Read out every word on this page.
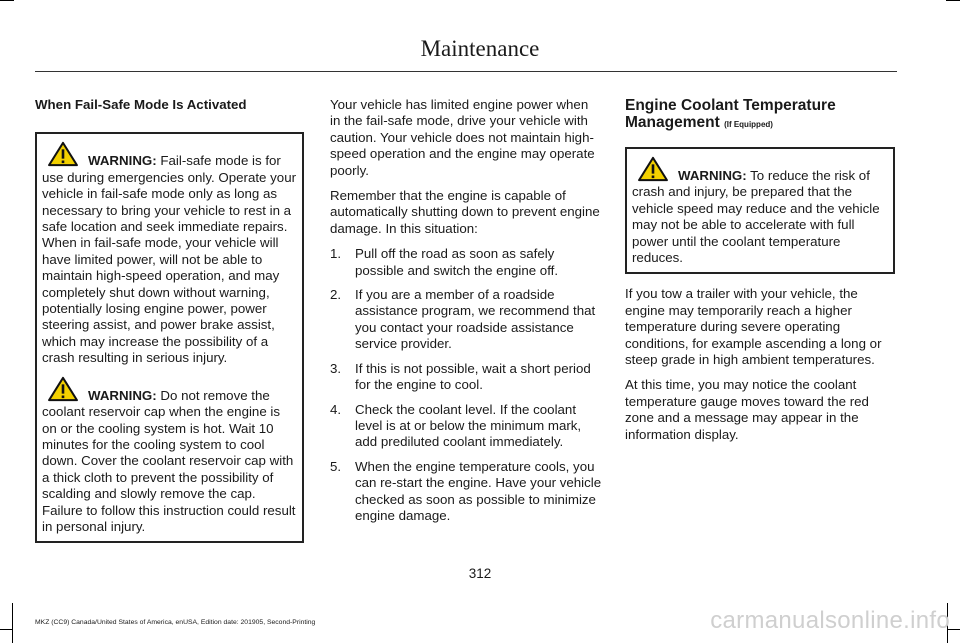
Maintenance

When Fail-Safe Mode Is Activated

WARNING: Fail-safe mode is for use during emergencies only. Operate your vehicle in fail-safe mode only as long as necessary to bring your vehicle to rest in a safe location and seek immediate repairs. When in fail-safe mode, your vehicle will have limited power, will not be able to maintain high-speed operation, and may completely shut down without warning, potentially losing engine power, power steering assist, and power brake assist, which may increase the possibility of a crash resulting in serious injury.

WARNING: Do not remove the coolant reservoir cap when the engine is on or the cooling system is hot. Wait 10 minutes for the cooling system to cool down. Cover the coolant reservoir cap with a thick cloth to prevent the possibility of scalding and slowly remove the cap. Failure to follow this instruction could result in personal injury.

Your vehicle has limited engine power when in the fail-safe mode, drive your vehicle with caution. Your vehicle does not maintain high-speed operation and the engine may operate poorly.

Remember that the engine is capable of automatically shutting down to prevent engine damage. In this situation:

1. Pull off the road as soon as safely possible and switch the engine off.
2. If you are a member of a roadside assistance program, we recommend that you contact your roadside assistance service provider.
3. If this is not possible, wait a short period for the engine to cool.
4. Check the coolant level. If the coolant level is at or below the minimum mark, add prediluted coolant immediately.
5. When the engine temperature cools, you can re-start the engine. Have your vehicle checked as soon as possible to minimize engine damage.
Engine Coolant Temperature Management (If Equipped)

WARNING: To reduce the risk of crash and injury, be prepared that the vehicle speed may reduce and the vehicle may not be able to accelerate with full power until the coolant temperature reduces.

If you tow a trailer with your vehicle, the engine may temporarily reach a higher temperature during severe operating conditions, for example ascending a long or steep grade in high ambient temperatures.

At this time, you may notice the coolant temperature gauge moves toward the red zone and a message may appear in the information display.

312
MKZ (CC9) Canada/United States of America, enUSA, Edition date: 201905, Second-Printing	carmanualsonline.info
